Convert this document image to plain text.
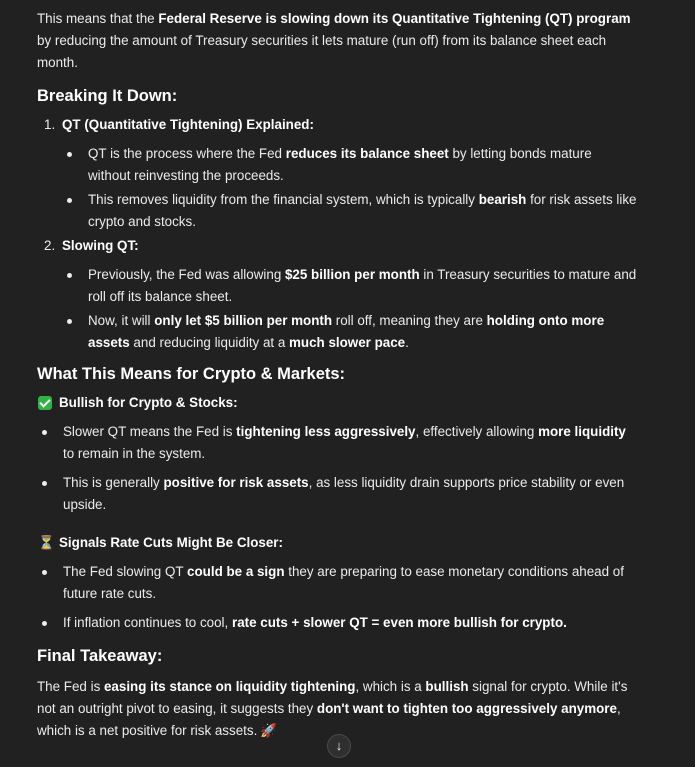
This means that the Federal Reserve is slowing down its Quantitative Tightening (QT) program by reducing the amount of Treasury securities it lets mature (run off) from its balance sheet each month.

Breaking It Down:
1. QT (Quantitative Tightening) Explained:
QT is the process where the Fed reduces its balance sheet by letting bonds mature without reinvesting the proceeds.
This removes liquidity from the financial system, which is typically bearish for risk assets like crypto and stocks.
2. Slowing QT:
Previously, the Fed was allowing $25 billion per month in Treasury securities to mature and roll off its balance sheet.
Now, it will only let $5 billion per month roll off, meaning they are holding onto more assets and reducing liquidity at a much slower pace.
What This Means for Crypto & Markets:
Bullish for Crypto & Stocks:
Slower QT means the Fed is tightening less aggressively, effectively allowing more liquidity to remain in the system.
This is generally positive for risk assets, as less liquidity drain supports price stability or even upside.
⏳ Signals Rate Cuts Might Be Closer:
The Fed slowing QT could be a sign they are preparing to ease monetary conditions ahead of future rate cuts.
If inflation continues to cool, rate cuts + slower QT = even more bullish for crypto.
Final Takeaway:

The Fed is easing its stance on liquidity tightening, which is a bullish signal for crypto. While it's not an outright pivot to easing, it suggests they don't want to tighten too aggressively anymore, which is a net positive for risk assets. 🚀

↓
